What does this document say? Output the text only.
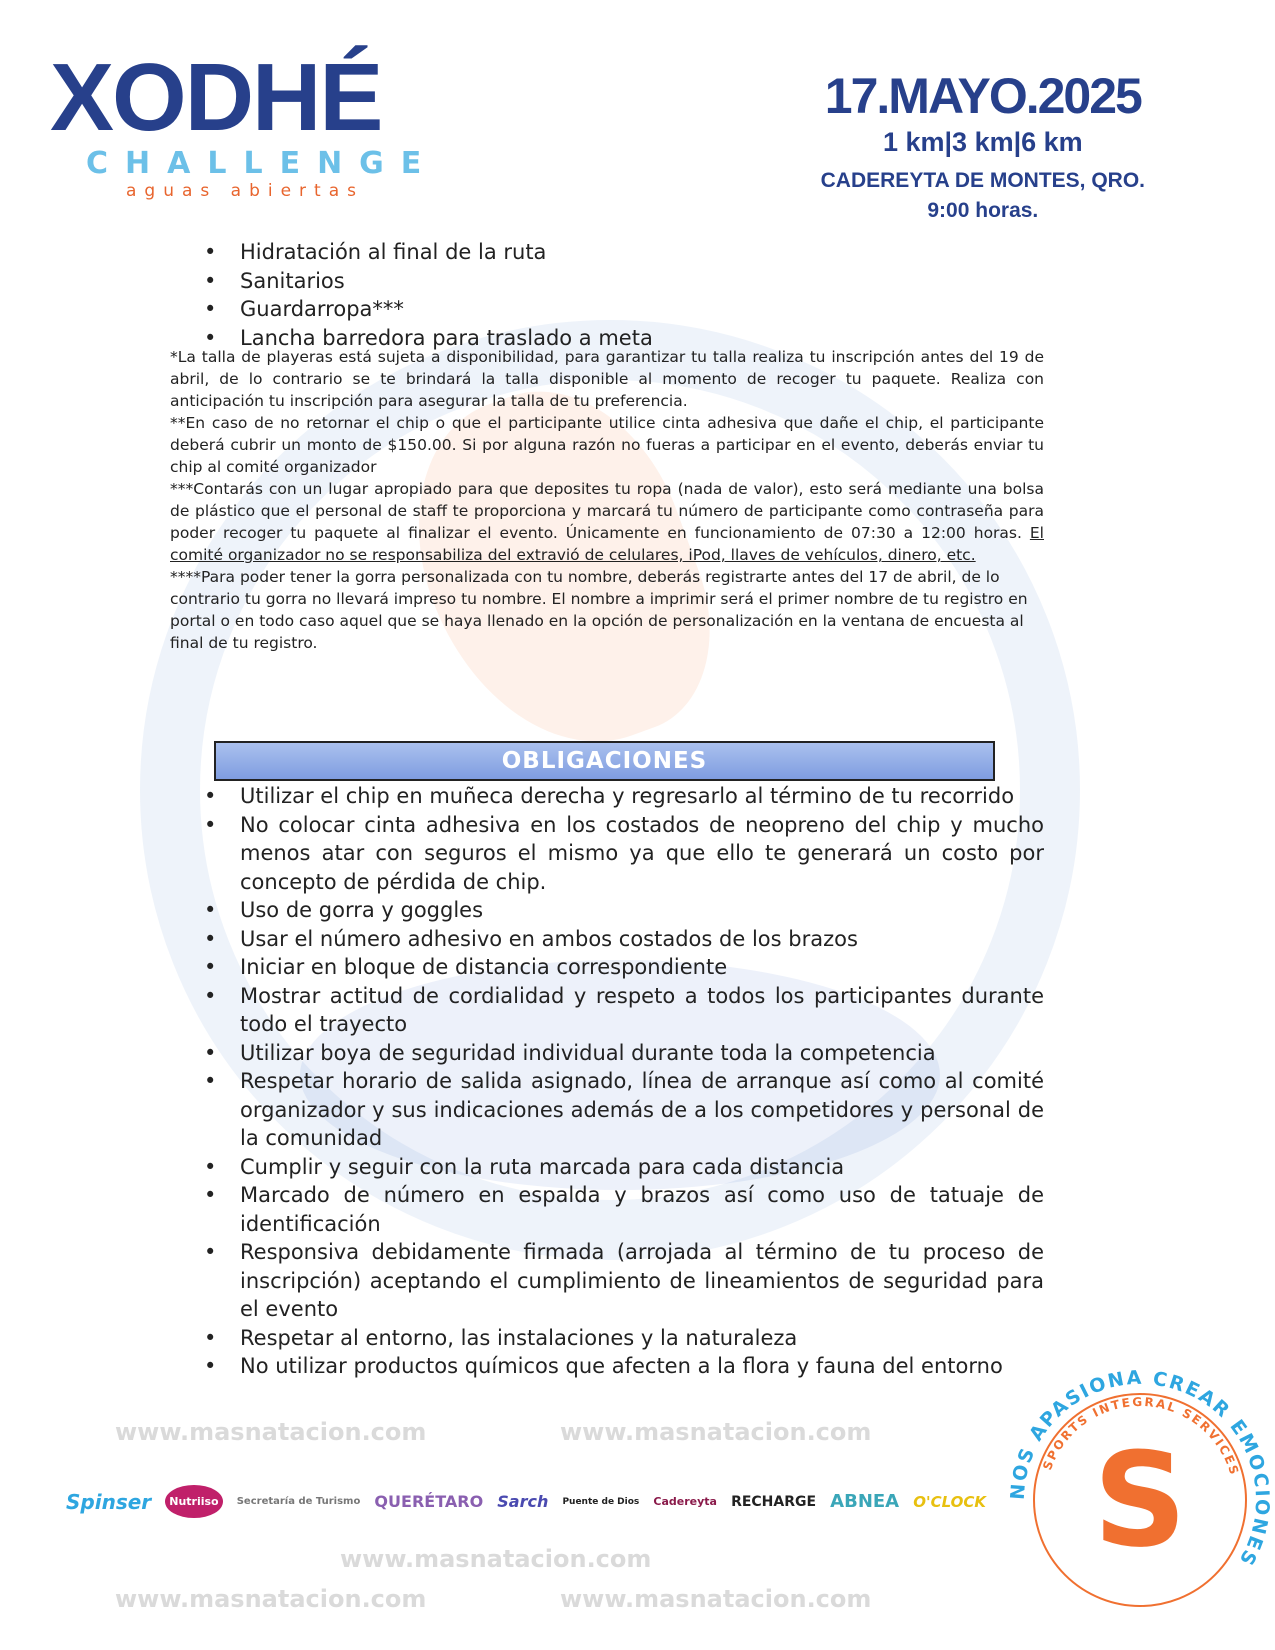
www.masnatacion.com	www.masnatacion.com
www.masnatacion.com	www.masnatacion.com
www.masnatacion.com
XODHÉ
CHALLENGE
aguas abiertas
17.MAYO.2025
1 km|3 km|6 km
CADEREYTA DE MONTES, QRO.
9:00 horas.
• Hidratación al final de la ruta
• Sanitarios
• Guardarropa***
• Lancha barredora para traslado a meta

*La talla de playeras está sujeta a disponibilidad, para garantizar tu talla realiza tu inscripción antes del 19 de abril, de lo contrario se te brindará la talla disponible al momento de recoger tu paquete. Realiza con anticipación tu inscripción para asegurar la talla de tu preferencia.

**En caso de no retornar el chip o que el participante utilice cinta adhesiva que dañe el chip, el participante deberá cubrir un monto de $150.00. Si por alguna razón no fueras a participar en el evento, deberás enviar tu chip al comité organizador

***Contarás con un lugar apropiado para que deposites tu ropa (nada de valor), esto será mediante una bolsa de plástico que el personal de staff te proporciona y marcará tu número de participante como contraseña para poder recoger tu paquete al finalizar el evento. Únicamente en funcionamiento de 07:30 a 12:00 horas. El comité organizador no se responsabiliza del extravió de celulares, iPod, llaves de vehículos, dinero, etc.

****Para poder tener la gorra personalizada con tu nombre, deberás registrarte antes del 17 de abril, de lo contrario tu gorra no llevará impreso tu nombre. El nombre a imprimir será el primer nombre de tu registro en portal o en todo caso aquel que se haya llenado en la opción de personalización en la ventana de encuesta al final de tu registro.

OBLIGACIONES
• Utilizar el chip en muñeca derecha y regresarlo al término de tu recorrido
• No colocar cinta adhesiva en los costados de neopreno del chip y mucho menos atar con seguros el mismo ya que ello te generará un costo por concepto de pérdida de chip.
• Uso de gorra y goggles
• Usar el número adhesivo en ambos costados de los brazos
• Iniciar en bloque de distancia correspondiente
• Mostrar actitud de cordialidad y respeto a todos los participantes durante todo el trayecto
• Utilizar boya de seguridad individual durante toda la competencia
• Respetar horario de salida asignado, línea de arranque así como al comité organizador y sus indicaciones además de a los competidores y personal de la comunidad
• Cumplir y seguir con la ruta marcada para cada distancia
• Marcado de número en espalda y brazos así como uso de tatuaje de identificación
• Responsiva debidamente firmada (arrojada al término de tu proceso de inscripción) aceptando el cumplimiento de lineamientos de seguridad para el evento
• Respetar al entorno, las instalaciones y la naturaleza
• No utilizar productos químicos que afecten a la flora y fauna del entorno
Spinser	Nutriiso	Secretaría de Turismo QUERÉTARO Sarch Puente de Dios Cadereyta RECHARGE ABNEA O'CLOCK
NOS APASIONA CREAR EMOCIONES
SPORTS INTEGRAL SERVICES
S
